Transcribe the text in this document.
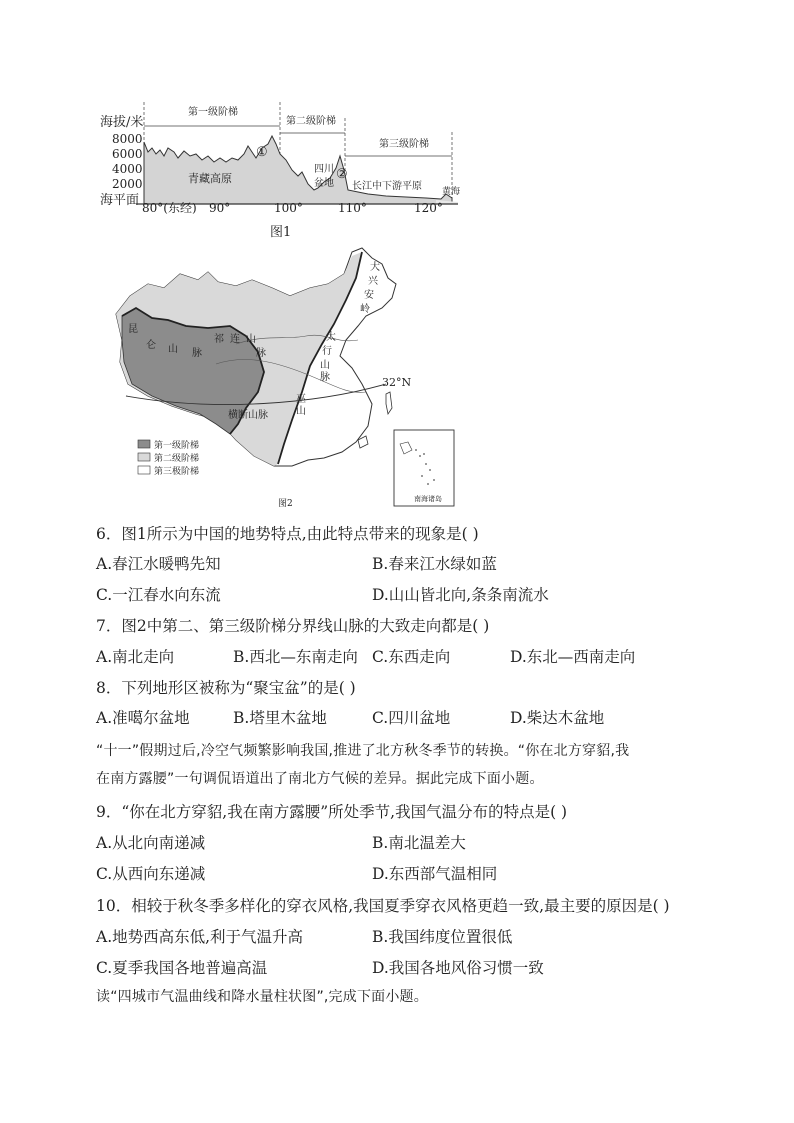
第一级阶梯
第二级阶梯
第三级阶梯
海拔/米
8000
6000
4000
2000
海平面
青藏高原
四川
盆地 长江中下游平原 黄海
①
②
80°(东经) 90°	100°	110°	120°
图1
32°N
大
兴
安
岭
昆
仑 山 脉
祁 连 山
脉
太
行
山
脉
巫
山
横断山脉
第一级阶梯
第二级阶梯
第三极阶梯
南海诸岛
图2
6．图1所示为中国的地势特点,由此特点带来的现象是( )
A.春江水暖鸭先知	B.春来江水绿如蓝
C.一江春水向东流	D.山山皆北向,条条南流水
7．图2中第二、第三级阶梯分界线山脉的大致走向都是( )
A.南北走向	B.西北—东南走向 C.东西走向	D.东北—西南走向
8．下列地形区被称为“聚宝盆”的是( )
A.准噶尔盆地	B.塔里木盆地	C.四川盆地	D.柴达木盆地
“十一”假期过后,冷空气频繁影响我国,推进了北方秋冬季节的转换。“你在北方穿貂,我
在南方露腰”一句调侃语道出了南北方气候的差异。据此完成下面小题。
9．“你在北方穿貂,我在南方露腰”所处季节,我国气温分布的特点是( )
A.从北向南递减	B.南北温差大
C.从西向东递减	D.东西部气温相同
10．相较于秋冬季多样化的穿衣风格,我国夏季穿衣风格更趋一致,最主要的原因是( )
A.地势西高东低,利于气温升高	B.我国纬度位置很低
C.夏季我国各地普遍高温	D.我国各地风俗习惯一致
读“四城市气温曲线和降水量柱状图”,完成下面小题。
